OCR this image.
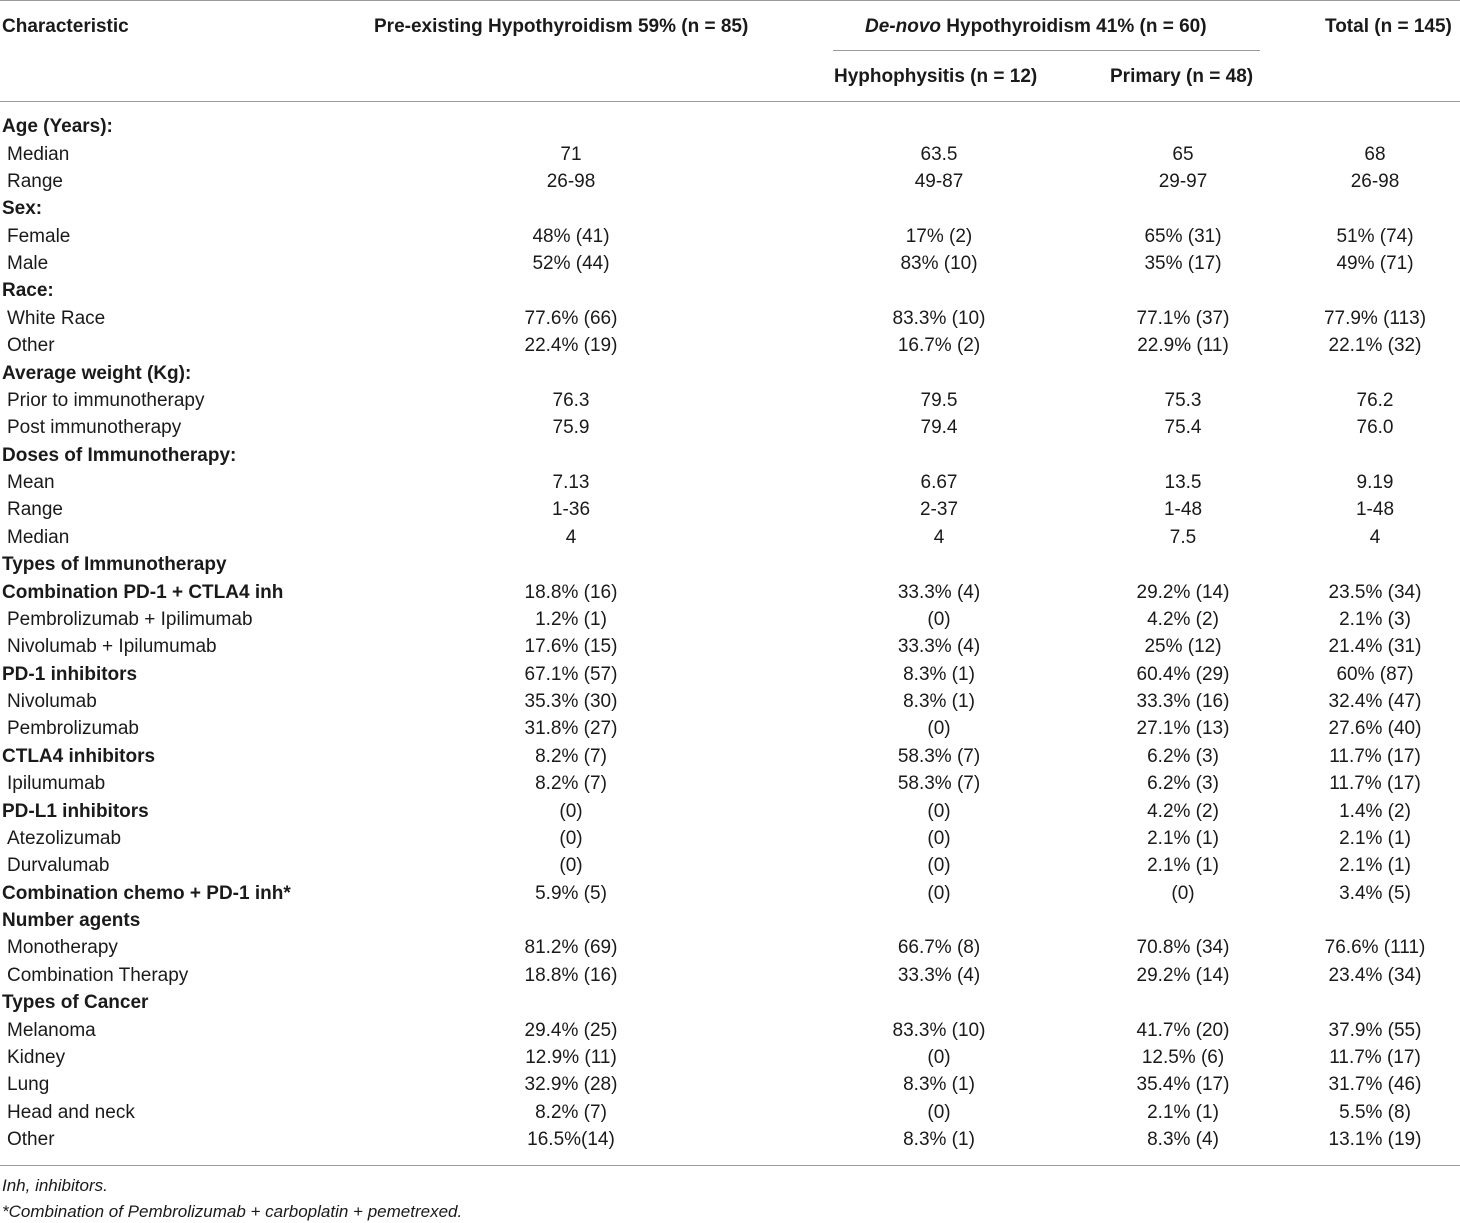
Characteristic	Pre-existing Hypothyroidism 59% (n = 85)	De-novo Hypothyroidism 41% (n = 60)	Total (n = 145)
Hyphophysitis (n = 12)	Primary (n = 48)
Age (Years):				
Median	71	63.5	65	68
Range	26-98	49-87	29-97	26-98
Sex:				
Female	48% (41)	17% (2)	65% (31)	51% (74)
Male	52% (44)	83% (10)	35% (17)	49% (71)
Race:				
White Race	77.6% (66)	83.3% (10)	77.1% (37)	77.9% (113)
Other	22.4% (19)	16.7% (2)	22.9% (11)	22.1% (32)
Average weight (Kg):				
Prior to immunotherapy	76.3	79.5	75.3	76.2
Post immunotherapy	75.9	79.4	75.4	76.0
Doses of Immunotherapy:				
Mean	7.13	6.67	13.5	9.19
Range	1-36	2-37	1-48	1-48
Median	4	4	7.5	4
Types of Immunotherapy				
Combination PD-1 + CTLA4 inh	18.8% (16)	33.3% (4)	29.2% (14)	23.5% (34)
Pembrolizumab + Ipilimumab	1.2% (1)	(0)	4.2% (2)	2.1% (3)
Nivolumab + Ipilumumab	17.6% (15)	33.3% (4)	25% (12)	21.4% (31)
PD-1 inhibitors	67.1% (57)	8.3% (1)	60.4% (29)	60% (87)
Nivolumab	35.3% (30)	8.3% (1)	33.3% (16)	32.4% (47)
Pembrolizumab	31.8% (27)	(0)	27.1% (13)	27.6% (40)
CTLA4 inhibitors	8.2% (7)	58.3% (7)	6.2% (3)	11.7% (17)
Ipilumumab	8.2% (7)	58.3% (7)	6.2% (3)	11.7% (17)
PD-L1 inhibitors	(0)	(0)	4.2% (2)	1.4% (2)
Atezolizumab	(0)	(0)	2.1% (1)	2.1% (1)
Durvalumab	(0)	(0)	2.1% (1)	2.1% (1)
Combination chemo + PD-1 inh*	5.9% (5)	(0)	(0)	3.4% (5)
Number agents				
Monotherapy	81.2% (69)	66.7% (8)	70.8% (34)	76.6% (111)
Combination Therapy	18.8% (16)	33.3% (4)	29.2% (14)	23.4% (34)
Types of Cancer				
Melanoma	29.4% (25)	83.3% (10)	41.7% (20)	37.9% (55)
Kidney	12.9% (11)	(0)	12.5% (6)	11.7% (17)
Lung	32.9% (28)	8.3% (1)	35.4% (17)	31.7% (46)
Head and neck	8.2% (7)	(0)	2.1% (1)	5.5% (8)
Other	16.5%(14)	8.3% (1)	8.3% (4)	13.1% (19)
Inh, inhibitors.
*Combination of Pembrolizumab + carboplatin + pemetrexed.
